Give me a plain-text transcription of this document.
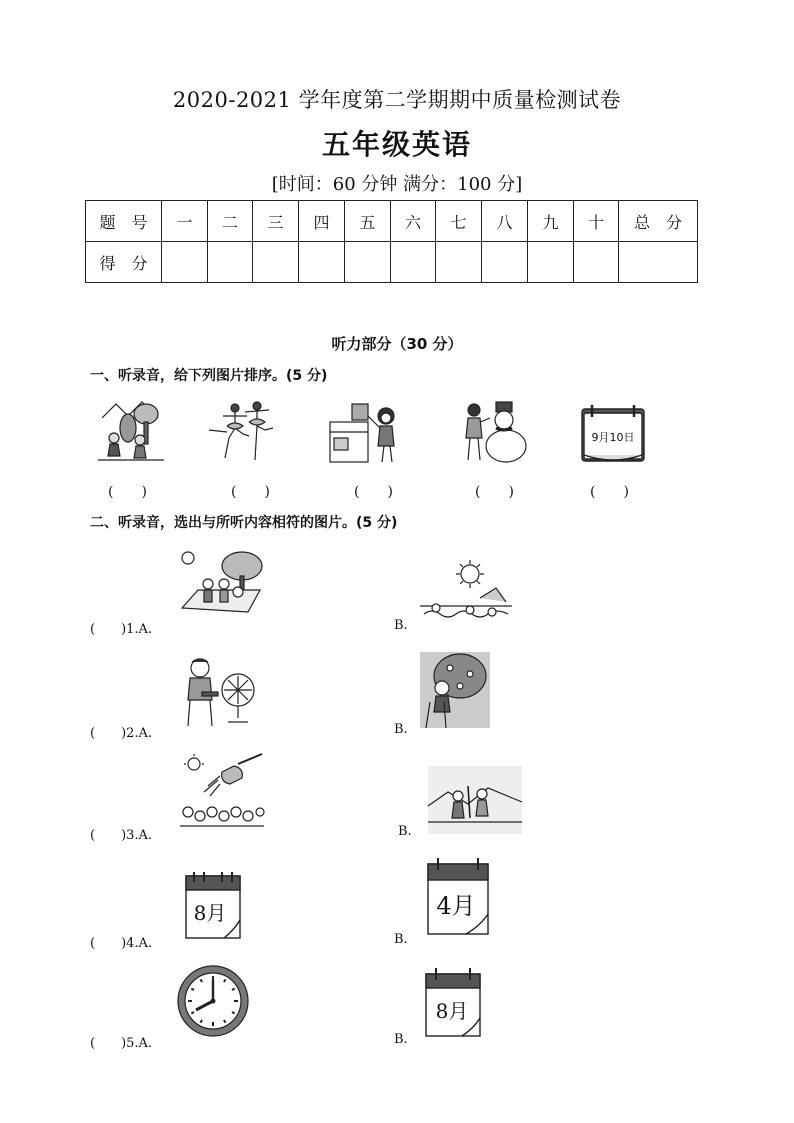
2020-2021 学年度第二学期期中质量检测试卷
五年级英语
[时间：60 分钟 满分：100 分]
题　号	一	二	三	四	五	六	七	八	九	十	总　分
得　分											
听力部分（30 分）
一、听录音，给下列图片排序。(5 分)
9月10日
(　　)	(　　)	(　　)	(　　)	(　　)
二、听录音，选出与所听内容相符的图片。(5 分)
(　　)1.A.	B.
(　　)2.A.	B.
(　　)3.A.	B.
8月
(　　)4.A.
4月
B.
(　　)5.A.
8月
B.
